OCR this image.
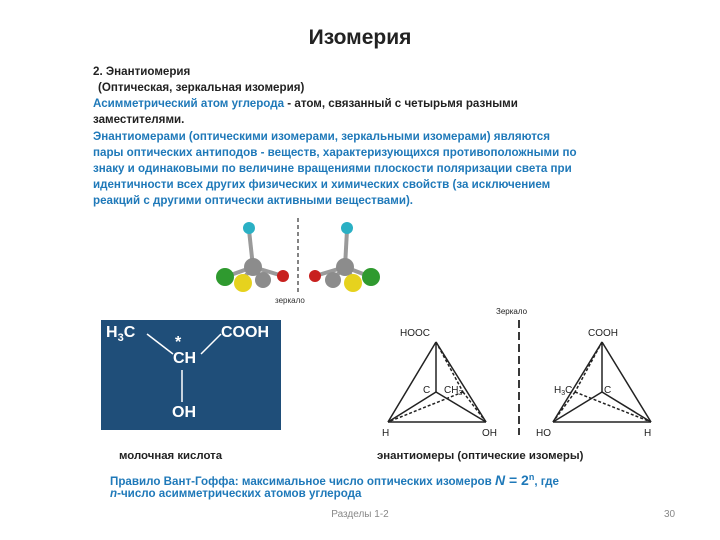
Изомерия
2. Энантиомерия
(Оптическая, зеркальная изомерия)
Асимметрический атом углерода - атом, связанный с четырьмя разными
заместителями.
Энантиомерами (оптическими изомерами, зеркальными изомерами) являются
пары оптических антиподов - веществ, характеризующихся противоположными по
знаку и одинаковыми по величине вращениями плоскости поляризации света при
идентичности всех других физических и химических свойств (за исключением
реакций с другими оптически активными веществами).
зеркало
$H_3C$	COOH
*
CH
OH
Зеркало
HOOC
C $CH_3$
H	OH
COOH
$H_3C$	C
HO	H
молочная кислота	энантиомеры (оптические изомеры)
Правило Вант-Гоффа: максимальное число оптических изомеров $N = 2^n$, где
n-число асимметрических атомов углерода
Разделы 1-2	30
